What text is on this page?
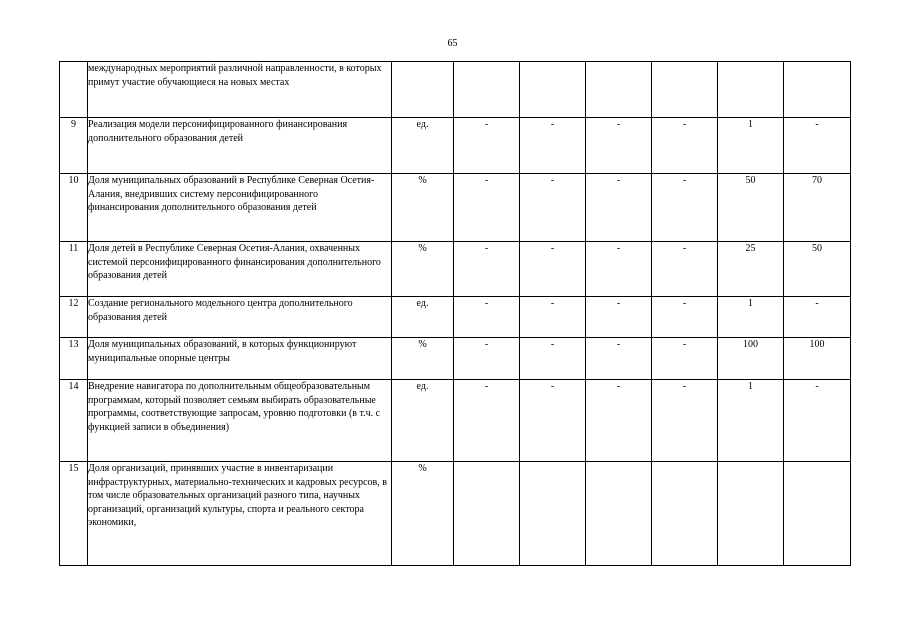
65
	международных мероприятий различной направленности, в которых примут участие обучающиеся на новых местах							
9	Реализация модели персонифицированного финансирования дополнительного образования детей	ед.	-	-	-	-	1	-
10	Доля муниципальных образований в Республике Северная Осетия-Алания, внедривших систему персонифицированного финансирования дополнительного образования детей	%	-	-	-	-	50	70
11	Доля детей в Республике Северная Осетия-Алания, охваченных системой персонифицированного финансирования дополнительного образования детей	%	-	-	-	-	25	50
12	Создание регионального модельного центра дополнительного образования детей	ед.	-	-	-	-	1	-
13	Доля муниципальных образований, в которых функционируют муниципальные опорные центры	%	-	-	-	-	100	100
14	Внедрение навигатора по дополнительным общеобразовательным программам, который позволяет семьям выбирать образовательные программы, соответствующие запросам, уровню подготовки (в т.ч. с функцией записи в объединения)	ед.	-	-	-	-	1	-
15	Доля организаций, принявших участие в инвентаризации инфраструктурных, материально-технических и кадровых ресурсов, в том числе образовательных организаций разного типа, научных организаций, организаций культуры, спорта и реального сектора экономики,	%						
